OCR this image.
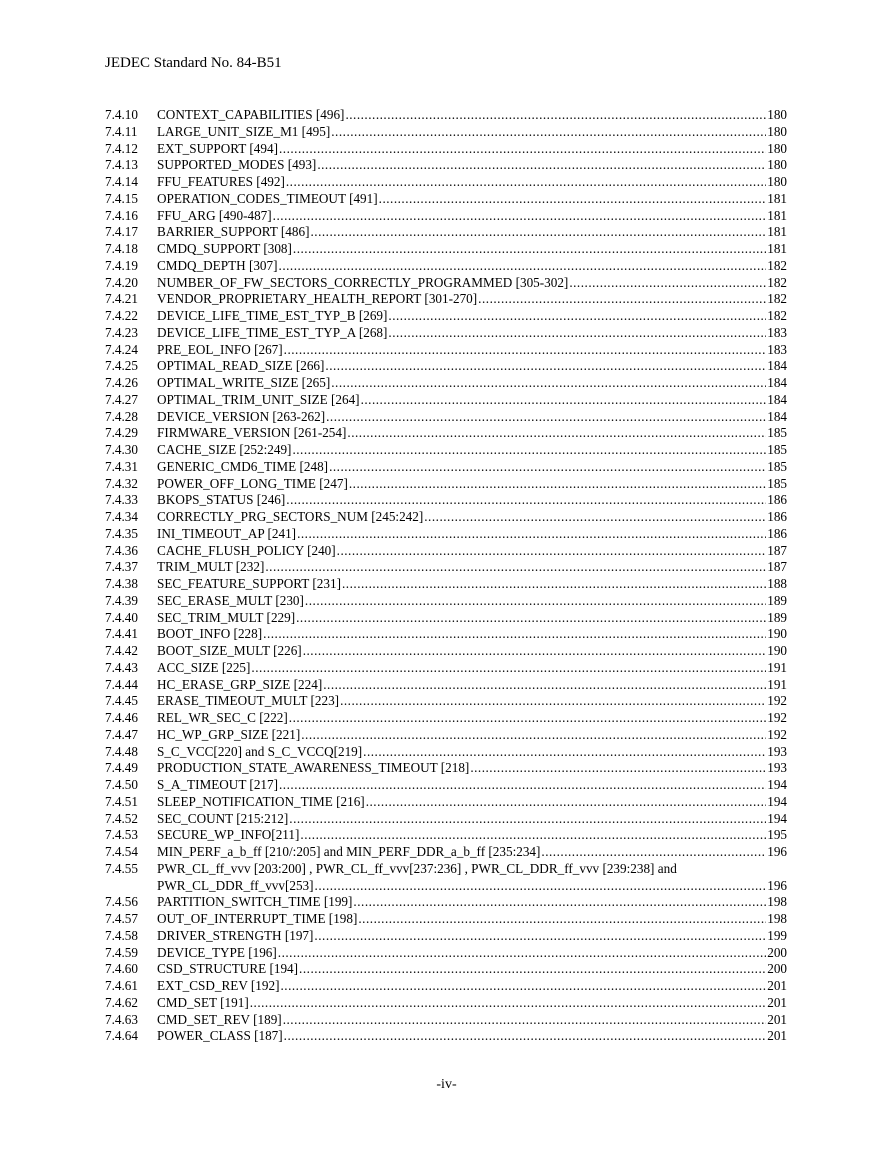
JEDEC Standard No. 84-B51
7.4.10	CONTEXT_CAPABILITIES [496] .....	180
7.4.11	LARGE_UNIT_SIZE_M1 [495] .....	180
7.4.12	EXT_SUPPORT [494] .....	180
7.4.13	SUPPORTED_MODES [493] .....	180
7.4.14	FFU_FEATURES [492] .....	180
7.4.15	OPERATION_CODES_TIMEOUT [491] .....	181
7.4.16	FFU_ARG [490-487] .....	181
7.4.17	BARRIER_SUPPORT [486] .....	181
7.4.18	CMDQ_SUPPORT [308] .....	181
7.4.19	CMDQ_DEPTH [307] .....	182
7.4.20	NUMBER_OF_FW_SECTORS_CORRECTLY_PROGRAMMED [305-302] .....	182
7.4.21	VENDOR_PROPRIETARY_HEALTH_REPORT [301-270] .....	182
7.4.22	DEVICE_LIFE_TIME_EST_TYP_B [269] .....	182
7.4.23	DEVICE_LIFE_TIME_EST_TYP_A [268] .....	183
7.4.24	PRE_EOL_INFO [267] .....	183
7.4.25	OPTIMAL_READ_SIZE [266] .....	184
7.4.26	OPTIMAL_WRITE_SIZE [265] .....	184
7.4.27	OPTIMAL_TRIM_UNIT_SIZE [264] .....	184
7.4.28	DEVICE_VERSION [263-262] .....	184
7.4.29	FIRMWARE_VERSION [261-254] .....	185
7.4.30	CACHE_SIZE [252:249] .....	185
7.4.31	GENERIC_CMD6_TIME [248] .....	185
7.4.32	POWER_OFF_LONG_TIME [247] .....	185
7.4.33	BKOPS_STATUS [246] .....	186
7.4.34	CORRECTLY_PRG_SECTORS_NUM [245:242] .....	186
7.4.35	INI_TIMEOUT_AP [241] .....	186
7.4.36	CACHE_FLUSH_POLICY [240] .....	187
7.4.37	TRIM_MULT [232] .....	187
7.4.38	SEC_FEATURE_SUPPORT [231] .....	188
7.4.39	SEC_ERASE_MULT [230] .....	189
7.4.40	SEC_TRIM_MULT [229] .....	189
7.4.41	BOOT_INFO [228] .....	190
7.4.42	BOOT_SIZE_MULT [226] .....	190
7.4.43	ACC_SIZE [225] .....	191
7.4.44	HC_ERASE_GRP_SIZE [224] .....	191
7.4.45	ERASE_TIMEOUT_MULT [223] .....	192
7.4.46	REL_WR_SEC_C [222] .....	192
7.4.47	HC_WP_GRP_SIZE [221] .....	192
7.4.48	S_C_VCC[220] and S_C_VCCQ[219] .....	193
7.4.49	PRODUCTION_STATE_AWARENESS_TIMEOUT [218] .....	193
7.4.50	S_A_TIMEOUT [217] .....	194
7.4.51	SLEEP_NOTIFICATION_TIME [216] .....	194
7.4.52	SEC_COUNT [215:212] .....	194
7.4.53	SECURE_WP_INFO[211] .....	195
7.4.54	MIN_PERF_a_b_ff [210/:205] and MIN_PERF_DDR_a_b_ff [235:234] .....	196
7.4.55	PWR_CL_ff_vvv [203:200] , PWR_CL_ff_vvv[237:236] , PWR_CL_DDR_ff_vvv [239:238] and
PWR_CL_DDR_ff_vvv[253] .....	196
7.4.56	PARTITION_SWITCH_TIME [199] .....	198
7.4.57	OUT_OF_INTERRUPT_TIME [198] .....	198
7.4.58	DRIVER_STRENGTH [197] .....	199
7.4.59	DEVICE_TYPE [196] .....	200
7.4.60	CSD_STRUCTURE [194] .....	200
7.4.61	EXT_CSD_REV [192] .....	201
7.4.62	CMD_SET [191] .....	201
7.4.63	CMD_SET_REV [189] .....	201
7.4.64	POWER_CLASS [187] .....	201
-iv-
